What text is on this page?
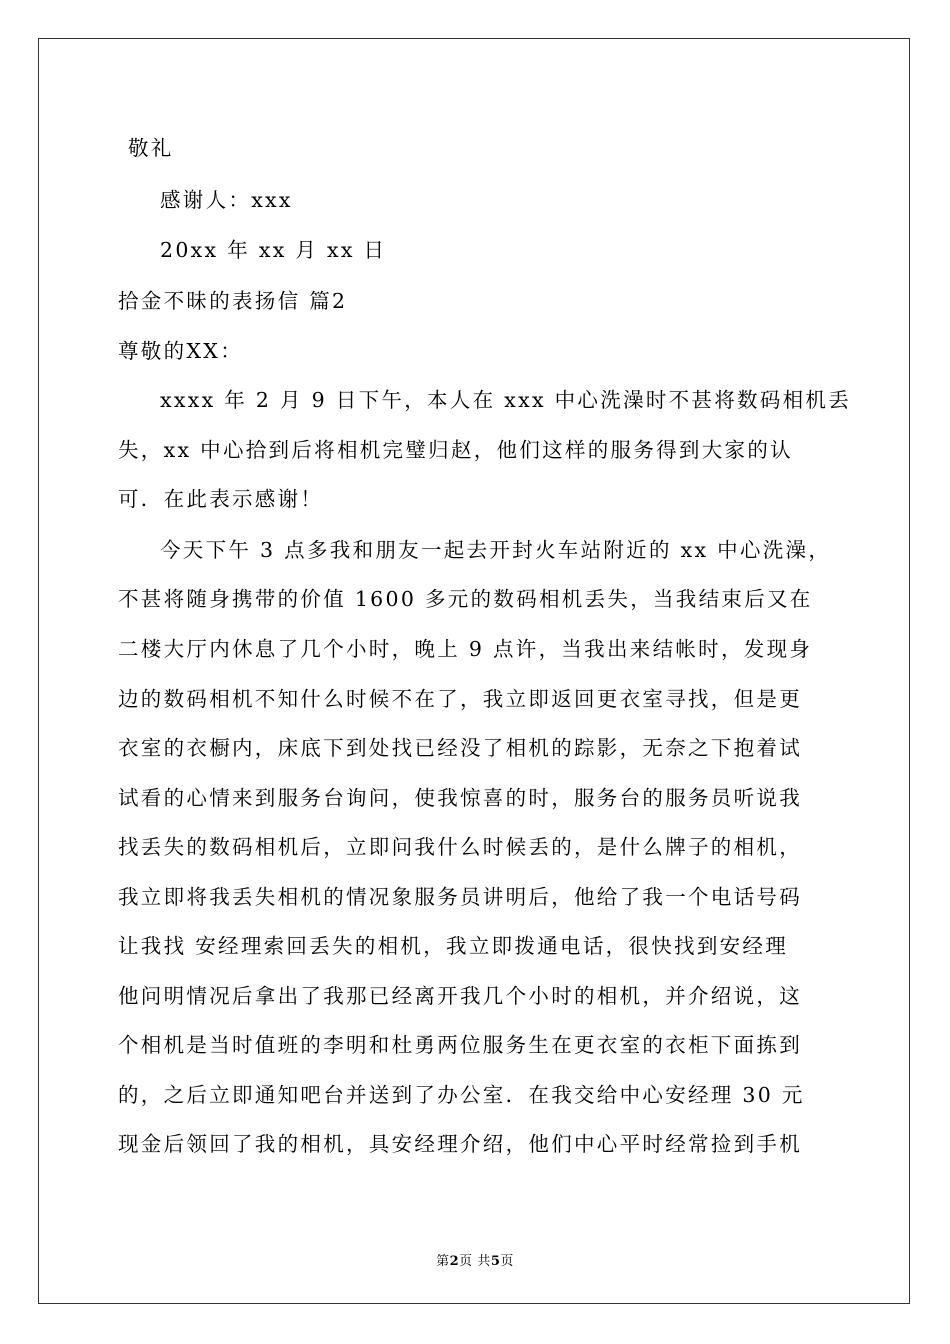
敬礼
感谢人：xxx
20xx 年 xx 月 xx 日
拾金不昧的表扬信 篇2
尊敬的XX：
xxxx 年 2 月 9 日下午，本人在 xxx 中心洗澡时不甚将数码相机丢
失，xx 中心拾到后将相机完璧归赵，他们这样的服务得到大家的认
可．在此表示感谢！
今天下午 3 点多我和朋友一起去开封火车站附近的 xx 中心洗澡，
不甚将随身携带的价值 1600 多元的数码相机丢失，当我结束后又在
二楼大厅内休息了几个小时，晚上 9 点许，当我出来结帐时，发现身
边的数码相机不知什么时候不在了，我立即返回更衣室寻找，但是更
衣室的衣橱内，床底下到处找已经没了相机的踪影，无奈之下抱着试
试看的心情来到服务台询问，使我惊喜的时，服务台的服务员听说我
找丢失的数码相机后，立即问我什么时候丢的，是什么牌子的相机，
我立即将我丢失相机的情况象服务员讲明后，他给了我一个电话号码
让我找 安经理索回丢失的相机，我立即拨通电话，很快找到安经理
他问明情况后拿出了我那已经离开我几个小时的相机，并介绍说，这
个相机是当时值班的李明和杜勇两位服务生在更衣室的衣柜下面拣到
的，之后立即通知吧台并送到了办公室．在我交给中心安经理 30 元
现金后领回了我的相机，具安经理介绍，他们中心平时经常捡到手机
第2页 共5页
